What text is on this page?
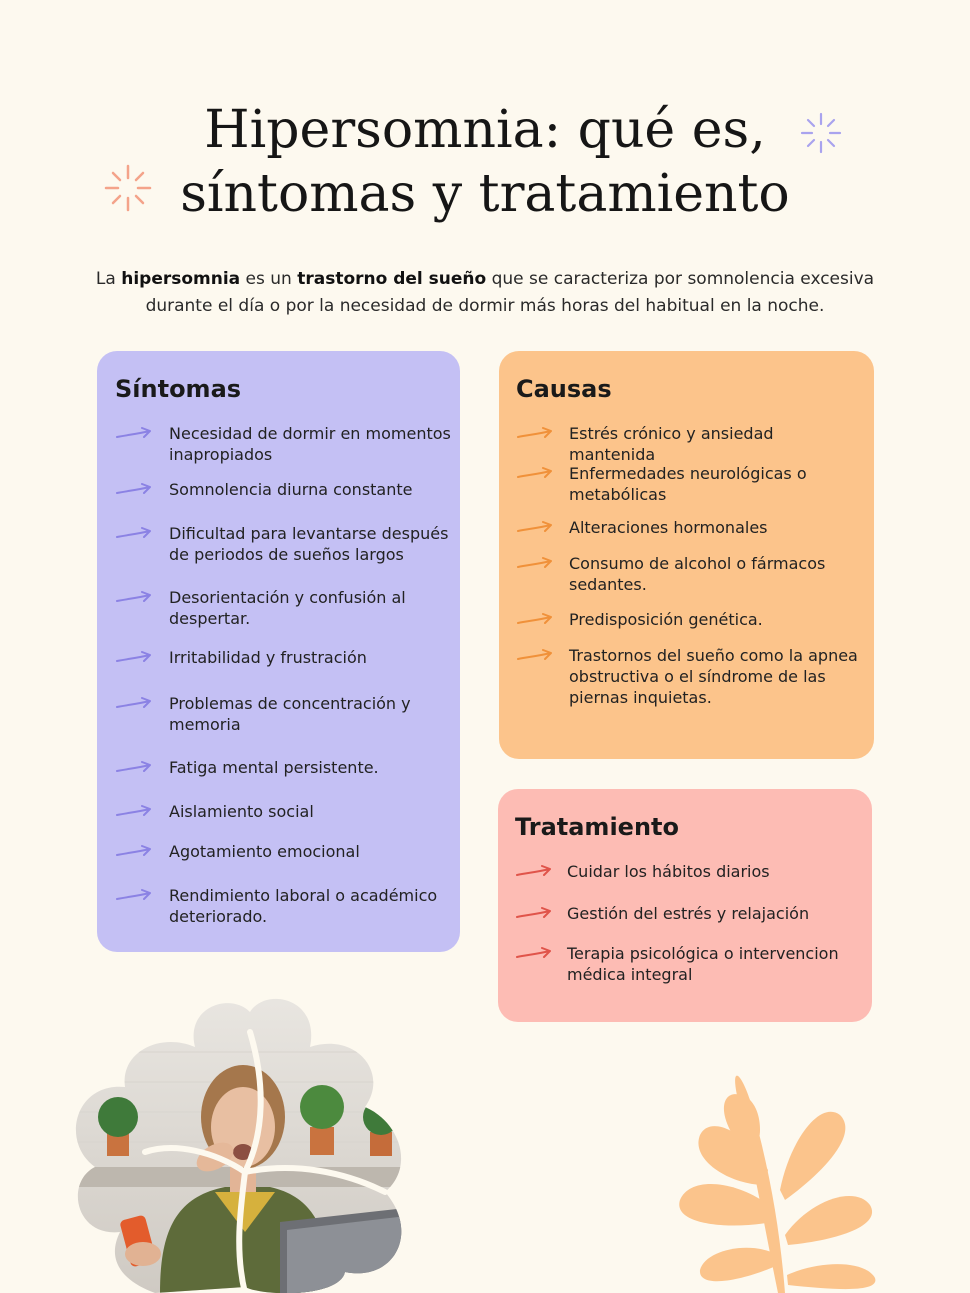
Hipersomnia: qué es,
síntomas y tratamiento

La hipersomnia es un trastorno del sueño que se caracteriza por somnolencia excesiva durante el día o por la necesidad de dormir más horas del habitual en la noche.

Síntomas
Necesidad de dormir en momentos inapropiados
Somnolencia diurna constante
Dificultad para levantarse después de periodos de sueños largos
Desorientación y confusión al despertar.
Irritabilidad y frustración
Problemas de concentración y memoria
Fatiga mental persistente.
Aislamiento social
Agotamiento emocional
Rendimiento laboral o académico deteriorado.
Causas
Estrés crónico y ansiedad mantenida
Enfermedades neurológicas o metabólicas
Alteraciones hormonales
Consumo de alcohol o fármacos sedantes.
Predisposición genética.
Trastornos del sueño como la apnea obstructiva o el síndrome de las piernas inquietas.
Tratamiento
Cuidar los hábitos diarios
Gestión del estrés y relajación
Terapia psicológica o intervencion médica integral
